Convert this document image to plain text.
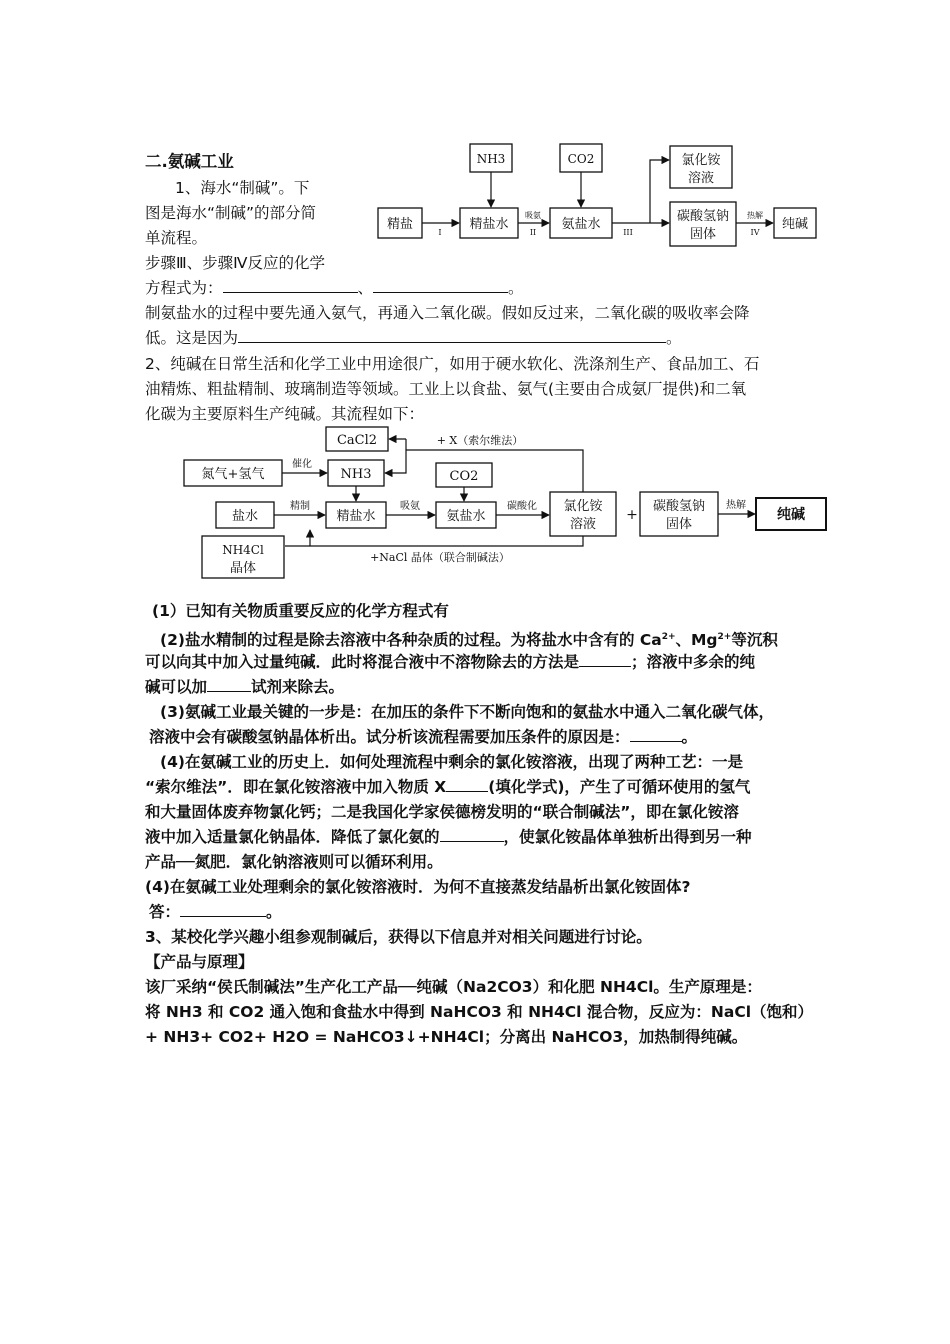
二.氨碱工业
1、海水“制碱”。下
图是海水“制碱”的部分简
单流程。
步骤Ⅲ、步骤Ⅳ反应的化学
方程式为：	、	。
制氨盐水的过程中要先通入氨气，再通入二氧化碳。假如反过来，二氧化碳的吸收率会降
低。这是因为	。
NH3	CO2	氯化铵
溶液
精盐	精盐水	氨盐水
碳酸氢钠
固体
纯碱
I
吸氨
II	III
热解
IV
2、纯碱在日常生活和化学工业中用途很广，如用于硬水软化、洗涤剂生产、食品加工、石
油精炼、粗盐精制、玻璃制造等领域。工业上以食盐、氨气(主要由合成氨厂提供)和二氧
化碳为主要原料生产纯碱。其流程如下：
CaCl2
氮气+氢气	NH3	CO2
盐水	精盐水	氨盐水
氯化铵
溶液
+
碳酸氢钠
固体
纯碱
NH4Cl
晶体
催化
精制	吸氨	碳酸化	热解
+ X（索尔维法）
+NaCl 晶体（联合制碱法）
(1）已知有关物质重要反应的化学方程式有
(2)盐水精制的过程是除去溶液中各种杂质的过程。为将盐水中含有的 $Ca^{2+}$、$Mg^{2+}$等沉积
可以向其中加入过量纯碱．此时将混合液中不溶物除去的方法是	；溶液中多余的纯
碱可以加	试剂来除去。
(3)氨碱工业最关键的一步是：在加压的条件下不断向饱和的氨盐水中通入二氧化碳气体，
溶液中会有碳酸氢钠晶体析出。试分析该流程需要加压条件的原因是：	。
(4)在氨碱工业的历史上．如何处理流程中剩余的氯化铵溶液，出现了两种工艺：一是
“索尔维法”．即在氯化铵溶液中加入物质 X	(填化学式)，产生了可循环使用的氢气
和大量固体废弃物氯化钙；二是我国化学家侯德榜发明的“联合制碱法”，即在氯化铵溶
液中加入适量氯化钠晶体．降低了氯化氨的	，使氯化铵晶体单独析出得到另一种
产品──氮肥．氯化钠溶液则可以循环利用。
(4)在氨碱工业处理剩余的氯化铵溶液时．为何不直接蒸发结晶析出氯化铵固体?
答：	。
3、某校化学兴趣小组参观制碱后，获得以下信息并对相关问题进行讨论。
【产品与原理】
该厂采纳“侯氏制碱法”生产化工产品──纯碱（Na2CO3）和化肥 NH4Cl。生产原理是：
将 NH3 和 CO2 通入饱和食盐水中得到 NaHCO3 和 NH4Cl 混合物，反应为：NaCl（饱和）
+ NH3+ CO2+ H2O = NaHCO3↓+NH4Cl；分离出 NaHCO3，加热制得纯碱。
